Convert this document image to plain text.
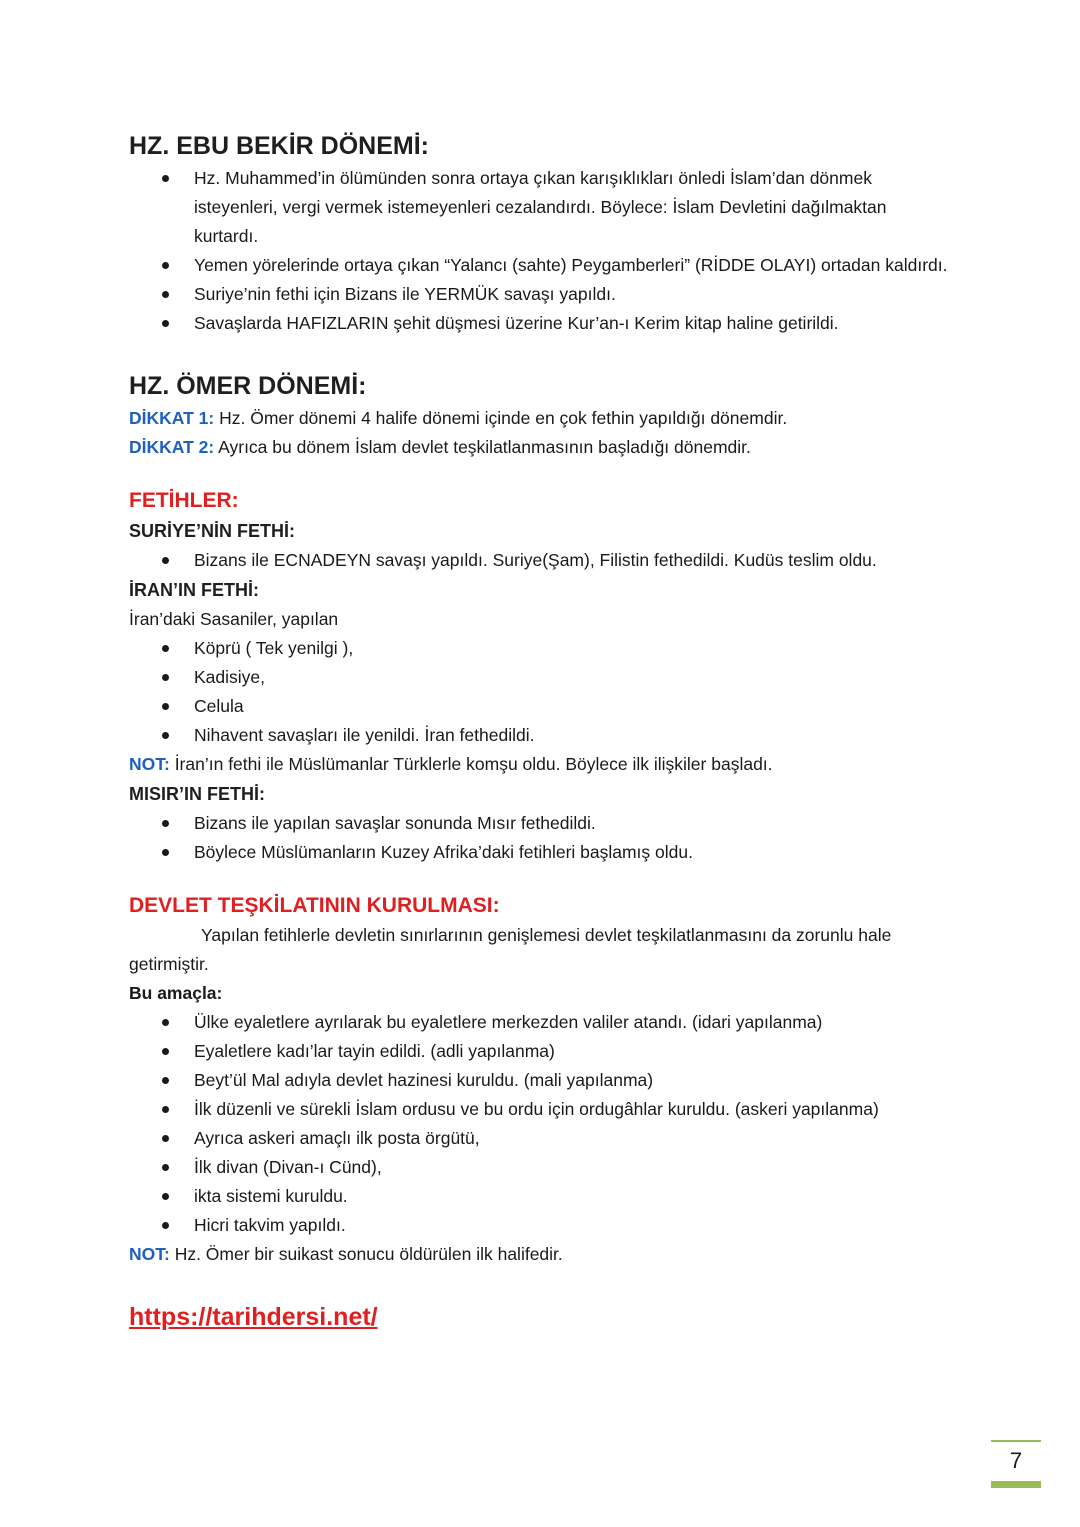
HZ. EBU BEKİR DÖNEMİ:
Hz. Muhammed’in ölümünden sonra ortaya çıkan karışıklıkları önledi İslam’dan dönmek isteyenleri, vergi vermek istemeyenleri cezalandırdı. Böylece: İslam Devletini dağılmaktan kurtardı.
Yemen yörelerinde ortaya çıkan “Yalancı (sahte) Peygamberleri” (RİDDE OLAYI) ortadan kaldırdı.
Suriye’nin fethi için Bizans ile YERMÜK savaşı yapıldı.
Savaşlarda HAFIZLARIN şehit düşmesi üzerine Kur’an-ı Kerim kitap haline getirildi.
HZ. ÖMER DÖNEMİ:

DİKKAT 1: Hz. Ömer dönemi 4 halife dönemi içinde en çok fethin yapıldığı dönemdir.

DİKKAT 2: Ayrıca bu dönem İslam devlet teşkilatlanmasının başladığı dönemdir.

FETİHLER:
SURİYE’NİN FETHİ:
Bizans ile ECNADEYN savaşı yapıldı. Suriye(Şam), Filistin fethedildi. Kudüs teslim oldu.
İRAN’IN FETHİ:

İran’daki Sasaniler, yapılan

Köprü ( Tek yenilgi ),
Kadisiye,
Celula
Nihavent savaşları ile yenildi. İran fethedildi.

NOT: İran’ın fethi ile Müslümanlar Türklerle komşu oldu. Böylece ilk ilişkiler başladı.

MISIR’IN FETHİ:
Bizans ile yapılan savaşlar sonunda Mısır fethedildi.
Böylece Müslümanların Kuzey Afrika’daki fetihleri başlamış oldu.
DEVLET TEŞKİLATININ KURULMASI:

Yapılan fetihlerle devletin sınırlarının genişlemesi devlet teşkilatlanmasını da zorunlu hale getirmiştir.

Bu amaçla:

Ülke eyaletlere ayrılarak bu eyaletlere merkezden valiler atandı. (idari yapılanma)
Eyaletlere kadı’lar tayin edildi. (adli yapılanma)
Beyt’ül Mal adıyla devlet hazinesi kuruldu. (mali yapılanma)
İlk düzenli ve sürekli İslam ordusu ve bu ordu için ordugâhlar kuruldu. (askeri yapılanma)
Ayrıca askeri amaçlı ilk posta örgütü,
İlk divan (Divan-ı Cünd),
ikta sistemi kuruldu.
Hicri takvim yapıldı.

NOT: Hz. Ömer bir suikast sonucu öldürülen ilk halifedir.

https://tarihdersi.net/
7
